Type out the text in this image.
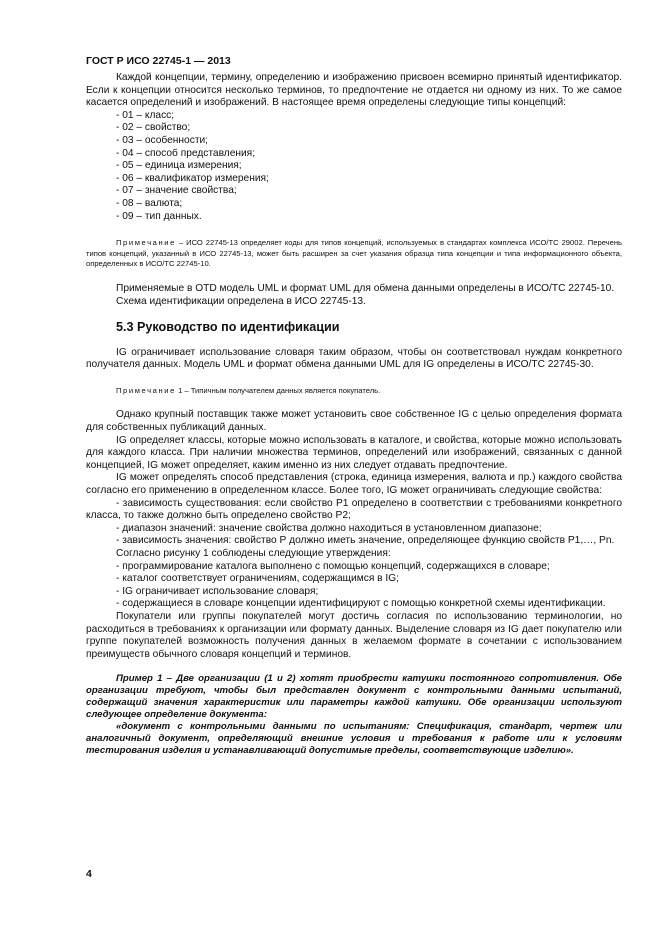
ГОСТ Р ИСО 22745-1 — 2013

Каждой концепции, термину, определению и изображению присвоен всемирно принятый идентификатор. Если к концепции относится несколько терминов, то предпочтение не отдается ни одному из них. То же самое касается определений и изображений. В настоящее время определены следующие типы концепций:

- 01 – класс;
- 02 – свойство;
- 03 – особенности;
- 04 – способ представления;
- 05 – единица измерения;
- 06 – квалификатор измерения;
- 07 – значение свойства;
- 08 – валюта;
- 09 – тип данных.

Примечание – ИСО 22745-13 определяет коды для типов концепций, используемых в стандартах комплекса ИСО/ТС 29002. Перечень типов концепций, указанный в ИСО 22745-13, может быть расширен за счет указания образца типа концепции и типа информационного объекта, определенных в ИСО/ТС 22745-10.

Применяемые в OTD модель UML и формат UML для обмена данными определены в ИСО/ТС 22745-10.

Схема идентификации определена в ИСО 22745-13.

5.3 Руководство по идентификации

IG ограничивает использование словаря таким образом, чтобы он соответствовал нуждам конкретного получателя данных. Модель UML и формат обмена данными UML для IG определены в ИСО/ТС 22745-30.

Примечание 1 – Типичным получателем данных является покупатель.

Однако крупный поставщик также может установить свое собственное IG с целью определения формата для собственных публикаций данных.

IG определяет классы, которые можно использовать в каталоге, и свойства, которые можно использовать для каждого класса. При наличии множества терминов, определений или изображений, связанных с данной концепцией, IG может определяет, каким именно из них следует отдавать предпочтение.

IG может определять способ представления (строка, единица измерения, валюта и пр.) каждого свойства согласно его применению в определенном классе. Более того, IG может ограничивать следующие свойства:

- зависимость существования: если свойство Р1 определено в соответствии с требованиями конкретного класса, то также должно быть определено свойство Р2;

- диапазон значений: значение свойства должно находиться в установленном диапазоне;

- зависимость значения: свойство Р должно иметь значение, определяющее функцию свойств Р1,…, Рn.

Согласно рисунку 1 соблюдены следующие утверждения:

- программирование каталога выполнено с помощью концепций, содержащихся в словаре;

- каталог соответствует ограничениям, содержащимся в IG;

- IG ограничивает использование словаря;

- содержащиеся в словаре концепции идентифицируют с помощью конкретной схемы идентификации.

Покупатели или группы покупателей могут достичь согласия по использованию терминологии, но расходиться в требованиях к организации или формату данных. Выделение словаря из IG дает покупателю или группе покупателей возможность получения данных в желаемом формате в сочетании с использованием преимуществ обычного словаря концепций и терминов.

Пример 1 – Две организации (1 и 2) хотят приобрести катушки постоянного сопротивления. Обе организации требуют, чтобы был представлен документ с контрольными данными испытаний, содержащий значения характеристик или параметры каждой катушки. Обе организации используют следующее определение документа:

«документ с контрольными данными по испытаниям: Спецификация, стандарт, чертеж или аналогичный документ, определяющий внешние условия и требования к работе или к условиям тестирования изделия и устанавливающий допустимые пределы, соответствующие изделию».

4
